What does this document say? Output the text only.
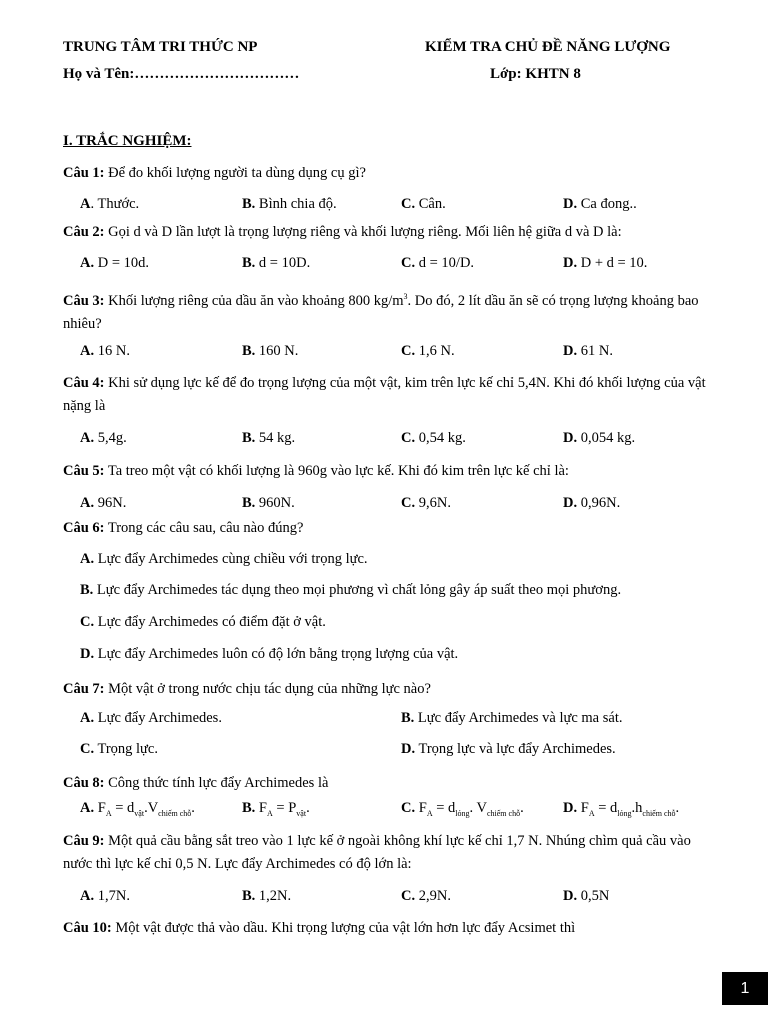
TRUNG TÂM TRI THỨC NP	KIỂM TRA CHỦ ĐỀ NĂNG LƯỢNG
Họ và Tên:……………………………	Lớp: KHTN 8
I. TRẮC NGHIỆM:
Câu 1: Để đo khối lượng người ta dùng dụng cụ gì?
A. Thước.	B. Bình chia độ.	C. Cân.	D. Ca đong..
Câu 2: Gọi d và D lần lượt là trọng lượng riêng và khối lượng riêng. Mối liên hệ giữa d và D là:
A. D = 10d.	B. d = 10D.	C. d = 10/D.	D. D + d = 10.
Câu 3: Khối lượng riêng của dầu ăn vào khoảng 800 $kg/m^3$. Do đó, 2 lít dầu ăn sẽ có trọng lượng khoảng bao nhiêu?
A. 16 N.	B. 160 N.	C. 1,6 N.	D. 61 N.
Câu 4: Khi sử dụng lực kế để đo trọng lượng của một vật, kim trên lực kế chỉ 5,4N. Khi đó khối lượng của vật nặng là
A. 5,4g.	B. 54 kg.	C. 0,54 kg.	D. 0,054 kg.
Câu 5: Ta treo một vật có khối lượng là 960g vào lực kế. Khi đó kim trên lực kế chỉ là:
A. 96N.	B. 960N.	C. 9,6N.	D. 0,96N.
Câu 6: Trong các câu sau, câu nào đúng?
A. Lực đẩy Archimedes cùng chiều với trọng lực.
B. Lực đẩy Archimedes tác dụng theo mọi phương vì chất lỏng gây áp suất theo mọi phương.
C. Lực đẩy Archimedes có điểm đặt ở vật.
D. Lực đẩy Archimedes luôn có độ lớn bằng trọng lượng của vật.
Câu 7: Một vật ở trong nước chịu tác dụng của những lực nào?
A. Lực đẩy Archimedes.	B. Lực đẩy Archimedes và lực ma sát.
C. Trọng lực.	D. Trọng lực và lực đẩy Archimedes.
Câu 8: Công thức tính lực đẩy Archimedes là
A. $F_A = d_{vật}.V_{chiếm chỗ}$.	B. $F_A = P_{vật}$.	C. $F_A = d_{lỏng}$. $V_{chiếm chỗ}$.	D. $F_A = d_{lỏng}.h_{chiếm chỗ}$.
Câu 9: Một quả cầu bằng sắt treo vào 1 lực kế ở ngoài không khí lực kế chỉ 1,7 N. Nhúng chìm quả cầu vào nước thì lực kế chỉ 0,5 N. Lực đẩy Archimedes có độ lớn là:
A. 1,7N.	B. 1,2N.	C. 2,9N.	D. 0,5N
Câu 10: Một vật được thả vào dầu. Khi trọng lượng của vật lớn hơn lực đẩy Acsimet thì
1
